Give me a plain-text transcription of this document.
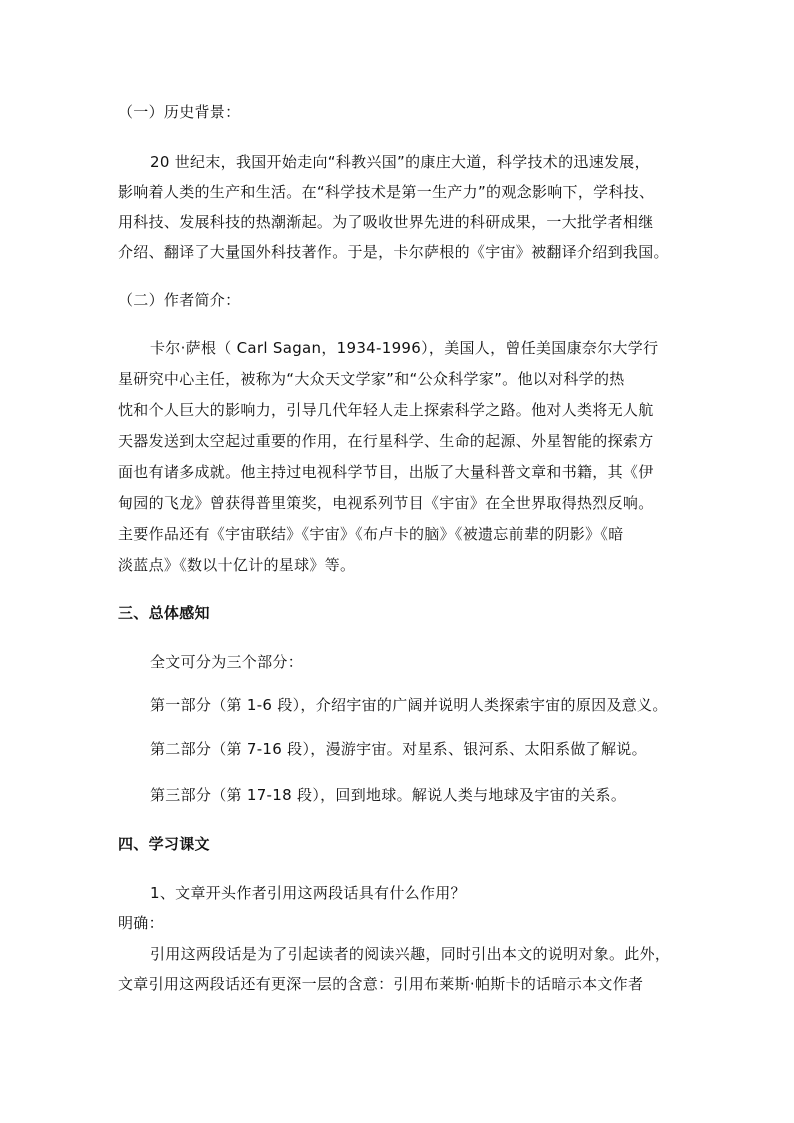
（一）历史背景：
20 世纪末，我国开始走向“科教兴国”的康庄大道，科学技术的迅速发展，
影响着人类的生产和生活。在“科学技术是第一生产力”的观念影响下，学科技、
用科技、发展科技的热潮渐起。为了吸收世界先进的科研成果，一大批学者相继
介绍、翻译了大量国外科技著作。于是，卡尔萨根的《宇宙》被翻译介绍到我国。
（二）作者简介：
卡尔·萨根（ Carl Sagan，1934-1996），美国人，曾任美国康奈尔大学行
星研究中心主任，被称为“大众天文学家”和“公众科学家”。他以对科学的热
忱和个人巨大的影响力，引导几代年轻人走上探索科学之路。他对人类将无人航
天器发送到太空起过重要的作用，在行星科学、生命的起源、外星智能的探索方
面也有诸多成就。他主持过电视科学节目，出版了大量科普文章和书籍，其《伊
甸园的飞龙》曾获得普里策奖，电视系列节目《宇宙》在全世界取得热烈反响。
主要作品还有《宇宙联结》《宇宙》《布卢卡的脑》《被遗忘前辈的阴影》《暗
淡蓝点》《数以十亿计的星球》等。
三、总体感知
全文可分为三个部分：
第一部分（第 1-6 段），介绍宇宙的广阔并说明人类探索宇宙的原因及意义。
第二部分（第 7-16 段），漫游宇宙。对星系、银河系、太阳系做了解说。
第三部分（第 17-18 段），回到地球。解说人类与地球及宇宙的关系。
四、学习课文
1、文章开头作者引用这两段话具有什么作用？
明确：
引用这两段话是为了引起读者的阅读兴趣，同时引出本文的说明对象。此外，
文章引用这两段话还有更深一层的含意：引用布莱斯·帕斯卡的话暗示本文作者
